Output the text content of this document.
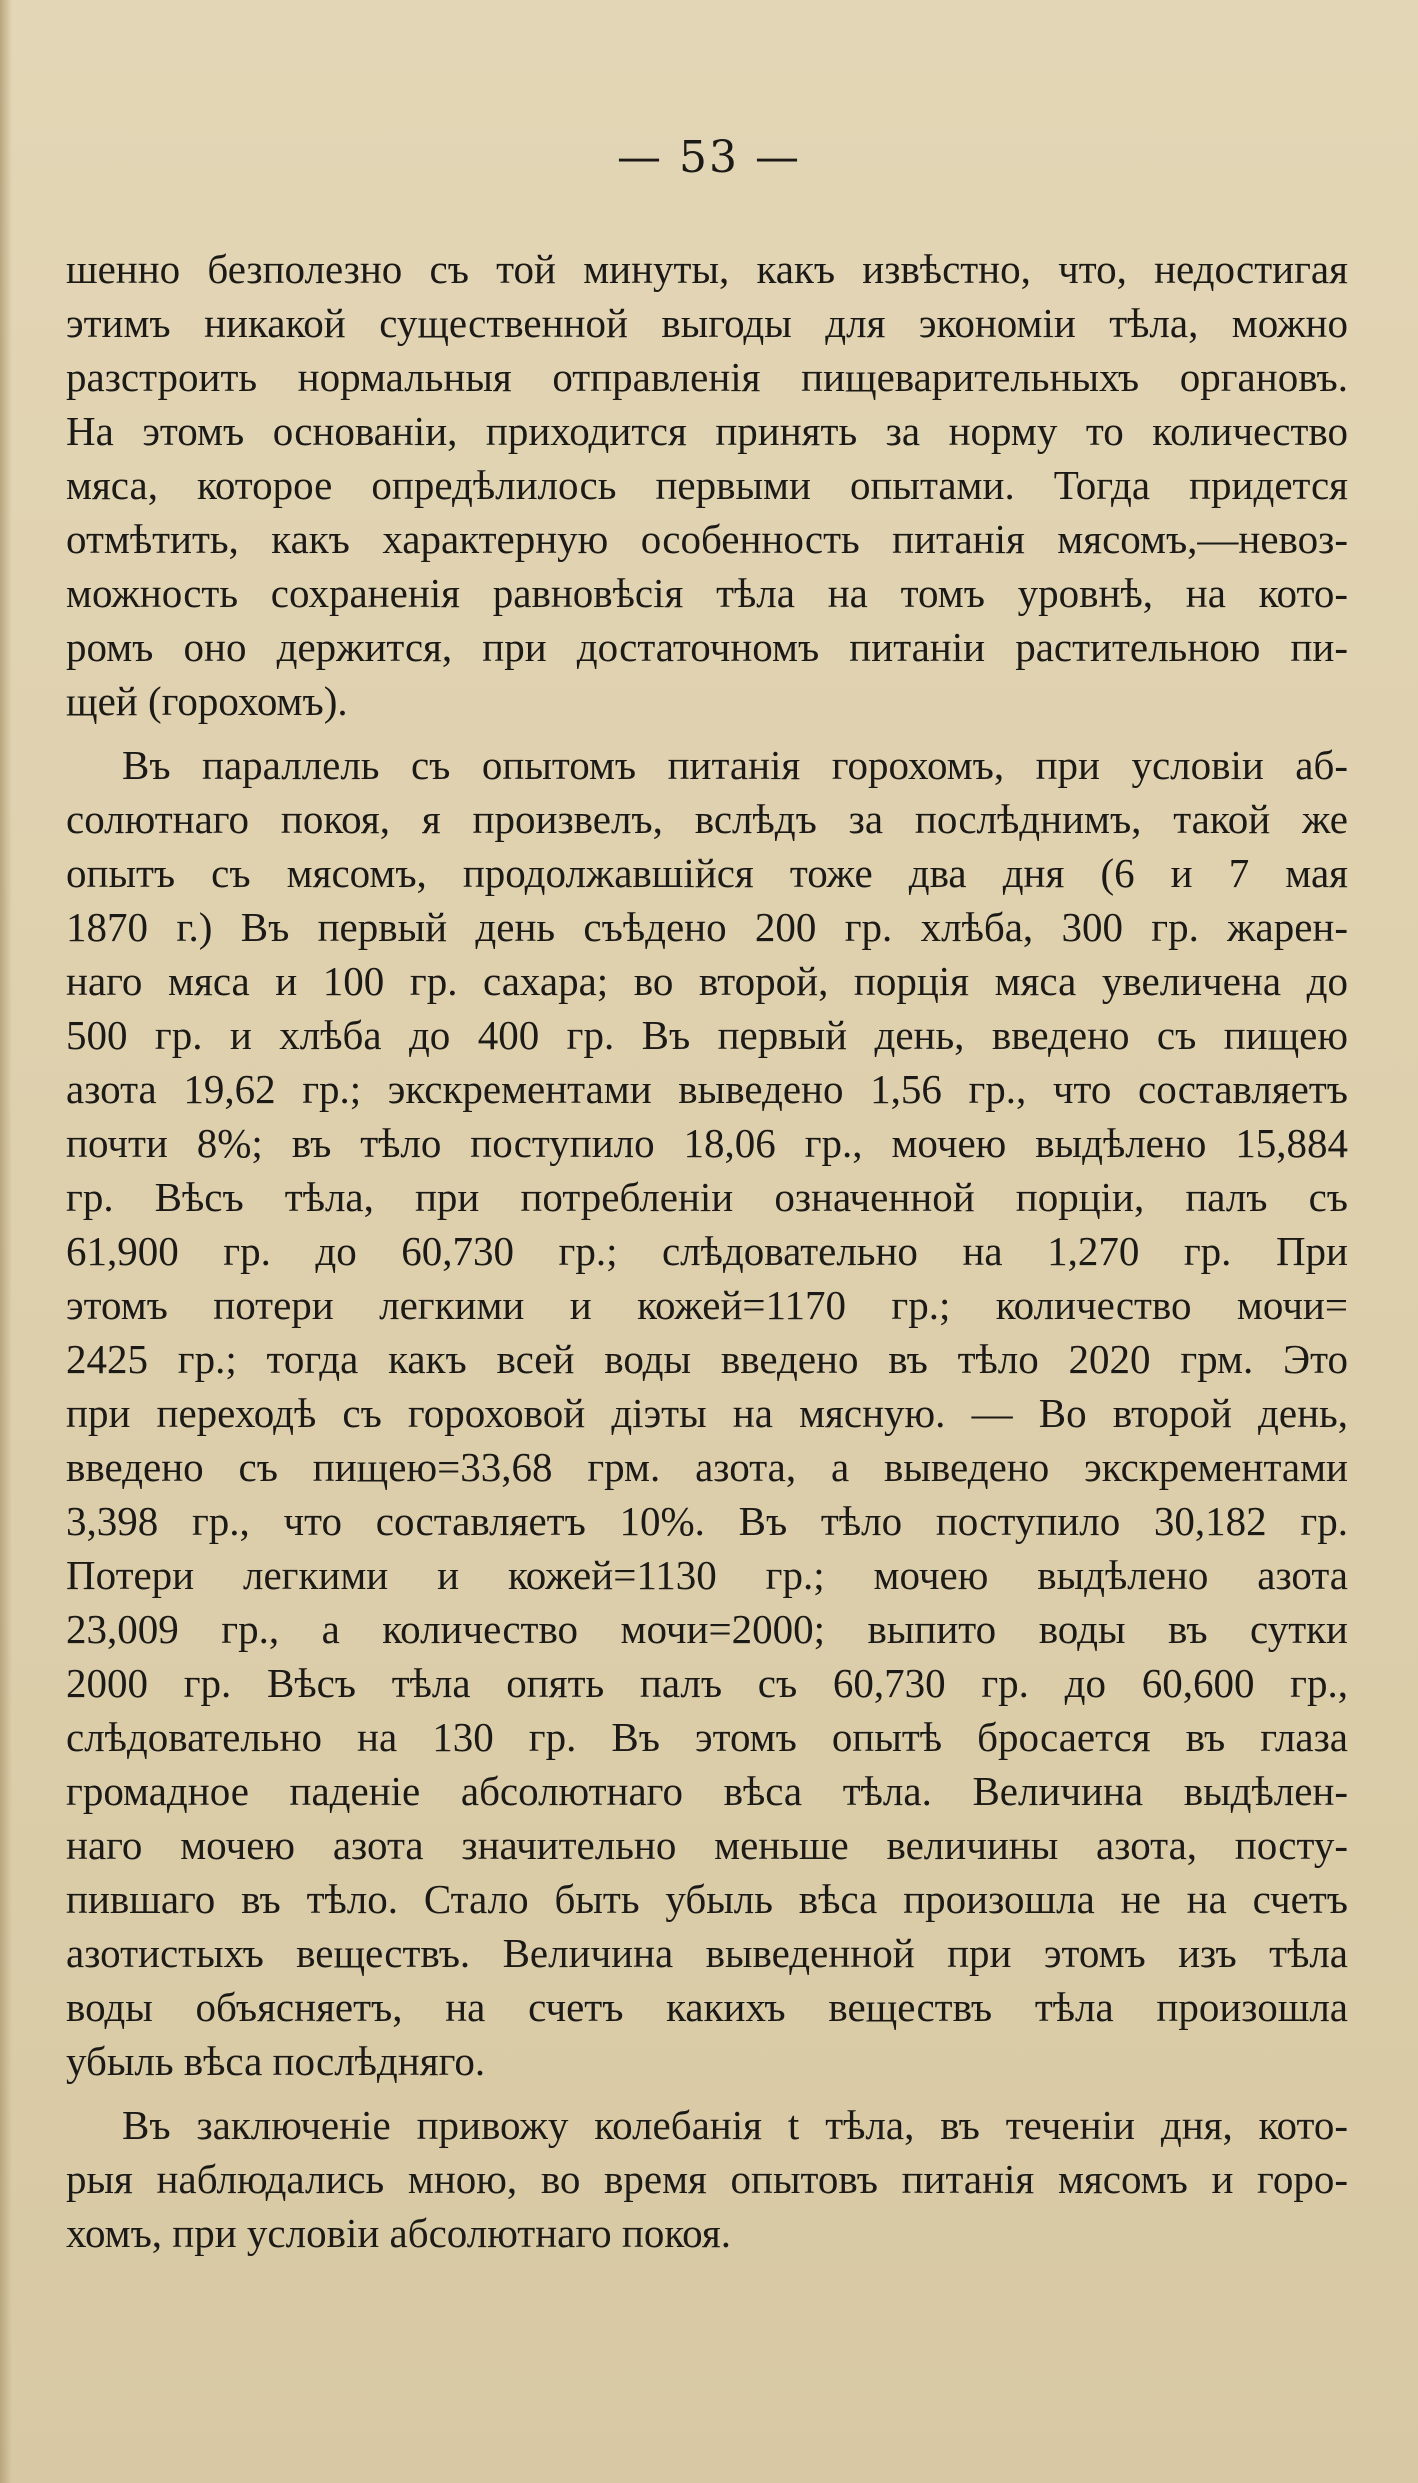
— 53 —
шенно безполезно съ той минуты, какъ извѣстно, что, недостигая
этимъ никакой существенной выгоды для экономіи тѣла, можно
разстроить нормальныя отправленія пищеварительныхъ органовъ.
На этомъ основаніи, приходится принять за норму то количество
мяса, которое опредѣлилось первыми опытами. Тогда придется
отмѣтить, какъ характерную особенность питанія мясомъ,—невоз-
можность сохраненія равновѣсія тѣла на томъ уровнѣ, на кото-
ромъ оно держится, при достаточномъ питаніи растительною пи-
щей (горохомъ).
Въ параллель съ опытомъ питанія горохомъ, при условіи аб-
солютнаго покоя, я произвелъ, вслѣдъ за послѣднимъ, такой же
опытъ съ мясомъ, продолжавшійся тоже два дня (6 и 7 мая
1870 г.) Въ первый день съѣдено 200 гр. хлѣба, 300 гр. жарен-
наго мяса и 100 гр. сахара; во второй, порція мяса увеличена до
500 гр. и хлѣба до 400 гр. Въ первый день, введено съ пищею
азота 19,62 гр.; экскрементами выведено 1,56 гр., что составляетъ
почти 8%; въ тѣло поступило 18,06 гр., мочею выдѣлено 15,884
гр. Вѣсъ тѣла, при потребленіи означенной порціи, палъ съ
61,900 гр. до 60,730 гр.; слѣдовательно на 1,270 гр. При
этомъ потери легкими и кожей=1170 гр.; количество мочи=
2425 гр.; тогда какъ всей воды введено въ тѣло 2020 грм. Это
при переходѣ съ гороховой діэты на мясную. — Во второй день,
введено съ пищею=33,68 грм. азота, а выведено экскрементами
3,398 гр., что составляетъ 10%. Въ тѣло поступило 30,182 гр.
Потери легкими и кожей=1130 гр.; мочею выдѣлено азота
23,009 гр., а количество мочи=2000; выпито воды въ сутки
2000 гр. Вѣсъ тѣла опять палъ съ 60,730 гр. до 60,600 гр.,
слѣдовательно на 130 гр. Въ этомъ опытѣ бросается въ глаза
громадное паденіе абсолютнаго вѣса тѣла. Величина выдѣлен-
наго мочею азота значительно меньше величины азота, посту-
пившаго въ тѣло. Стало быть убыль вѣса произошла не на счетъ
азотистыхъ веществъ. Величина выведенной при этомъ изъ тѣла
воды объясняетъ, на счетъ какихъ веществъ тѣла произошла
убыль вѣса послѣдняго.
Въ заключеніе привожу колебанія t тѣла, въ теченіи дня, кото-
рыя наблюдались мною, во время опытовъ питанія мясомъ и горо-
хомъ, при условіи абсолютнаго покоя.
